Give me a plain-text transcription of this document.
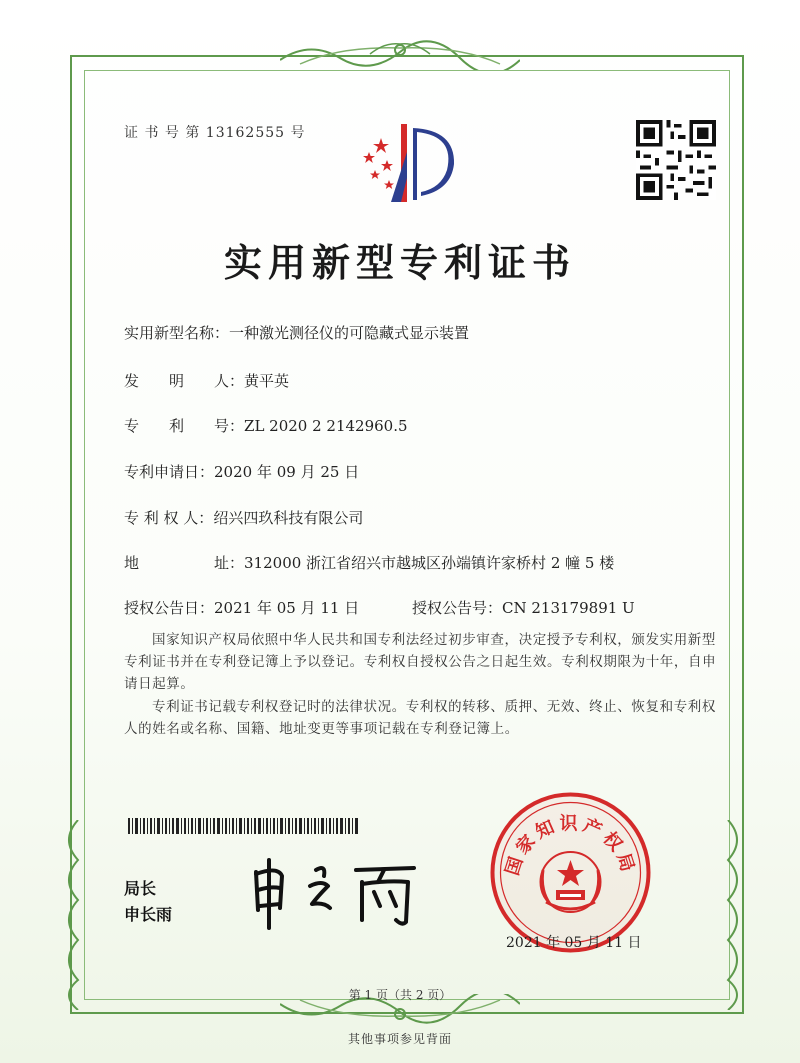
证 书 号 第 13162555 号
实用新型专利证书
实用新型名称：一种激光测径仪的可隐藏式显示装置
发　　明　　人：黄平英
专　　利　　号：ZL 2020 2 2142960.5
专利申请日：2020 年 09 月 25 日
专 利 权 人：绍兴四玖科技有限公司
地　　　　　址：312000 浙江省绍兴市越城区孙端镇许家桥村 2 幢 5 楼
授权公告日：2021 年 05 月 11 日	授权公告号：CN 213179891 U
国家知识产权局依照中华人民共和国专利法经过初步审查，决定授予专利权，颁发实用新型专利证书并在专利登记簿上予以登记。专利权自授权公告之日起生效。专利权期限为十年，自申请日起算。
专利证书记载专利权登记时的法律状况。专利权的转移、质押、无效、终止、恢复和专利权人的姓名或名称、国籍、地址变更等事项记载在专利登记簿上。
局长
申长雨
国家知识产权局
2021 年 05 月 11 日
第 1 页（共 2 页）
其他事项参见背面
